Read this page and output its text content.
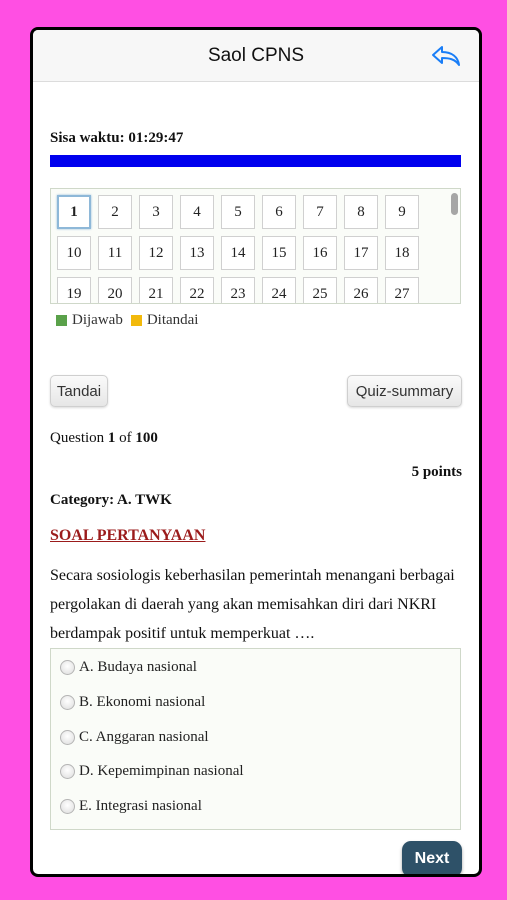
Saol CPNS
Sisa waktu: 01:29:47
1	2	3	4	5	6	7	8	9
10	11	12	13	14	15	16	17	18
19	20	21	22	23	24	25	26	27
Dijawab Ditandai
Tandai	Quiz-summary
Question 1 of 100
5 points
Category: A. TWK
SOAL PERTANYAAN
Secara sosiologis keberhasilan pemerintah menangani berbagai pergolakan di daerah yang akan memisahkan diri dari NKRI berdampak positif untuk memperkuat ….
A. Budaya nasional
B. Ekonomi nasional
C. Anggaran nasional
D. Kepemimpinan nasional
E. Integrasi nasional
Next
